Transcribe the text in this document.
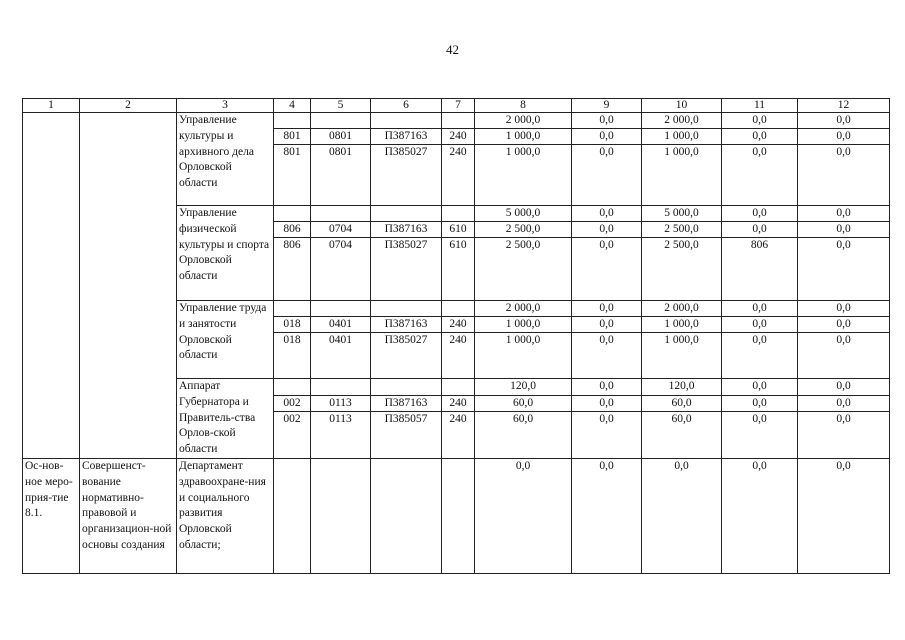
42
1	2	3	4	5	6	7	8	9	10	11	12
		Управление культуры и архивного дела Орловской области					2 000,0	0,0	2 000,0	0,0	0,0
			801	0801	П387163	240	1 000,0	0,0	1 000,0	0,0	0,0
			801	0801	П385027	240	1 000,0	0,0	1 000,0	0,0	0,0
		Управление физической культуры и спорта Орловской области					5 000,0	0,0	5 000,0	0,0	0,0
			806	0704	П387163	610	2 500,0	0,0	2 500,0	0,0	0,0
			806	0704	П385027	610	2 500,0	0,0	2 500,0	806	0,0
		Управление труда и занятости Орловской области					2 000,0	0,0	2 000,0	0,0	0,0
			018	0401	П387163	240	1 000,0	0,0	1 000,0	0,0	0,0
			018	0401	П385027	240	1 000,0	0,0	1 000,0	0,0	0,0
		Аппарат Губернатора и Правитель-ства Орлов-ской области					120,0	0,0	120,0	0,0	0,0
			002	0113	П387163	240	60,0	0,0	60,0	0,0	0,0
			002	0113	П385057	240	60,0	0,0	60,0	0,0	0,0
Ос-нов-ное меро-прия-тие 8.1.	Совершенст-вование нормативно-правовой и организацион-ной основы создания	Департамент здравоохране-ния и социального развития Орловской области;					0,0	0,0	0,0	0,0	0,0
